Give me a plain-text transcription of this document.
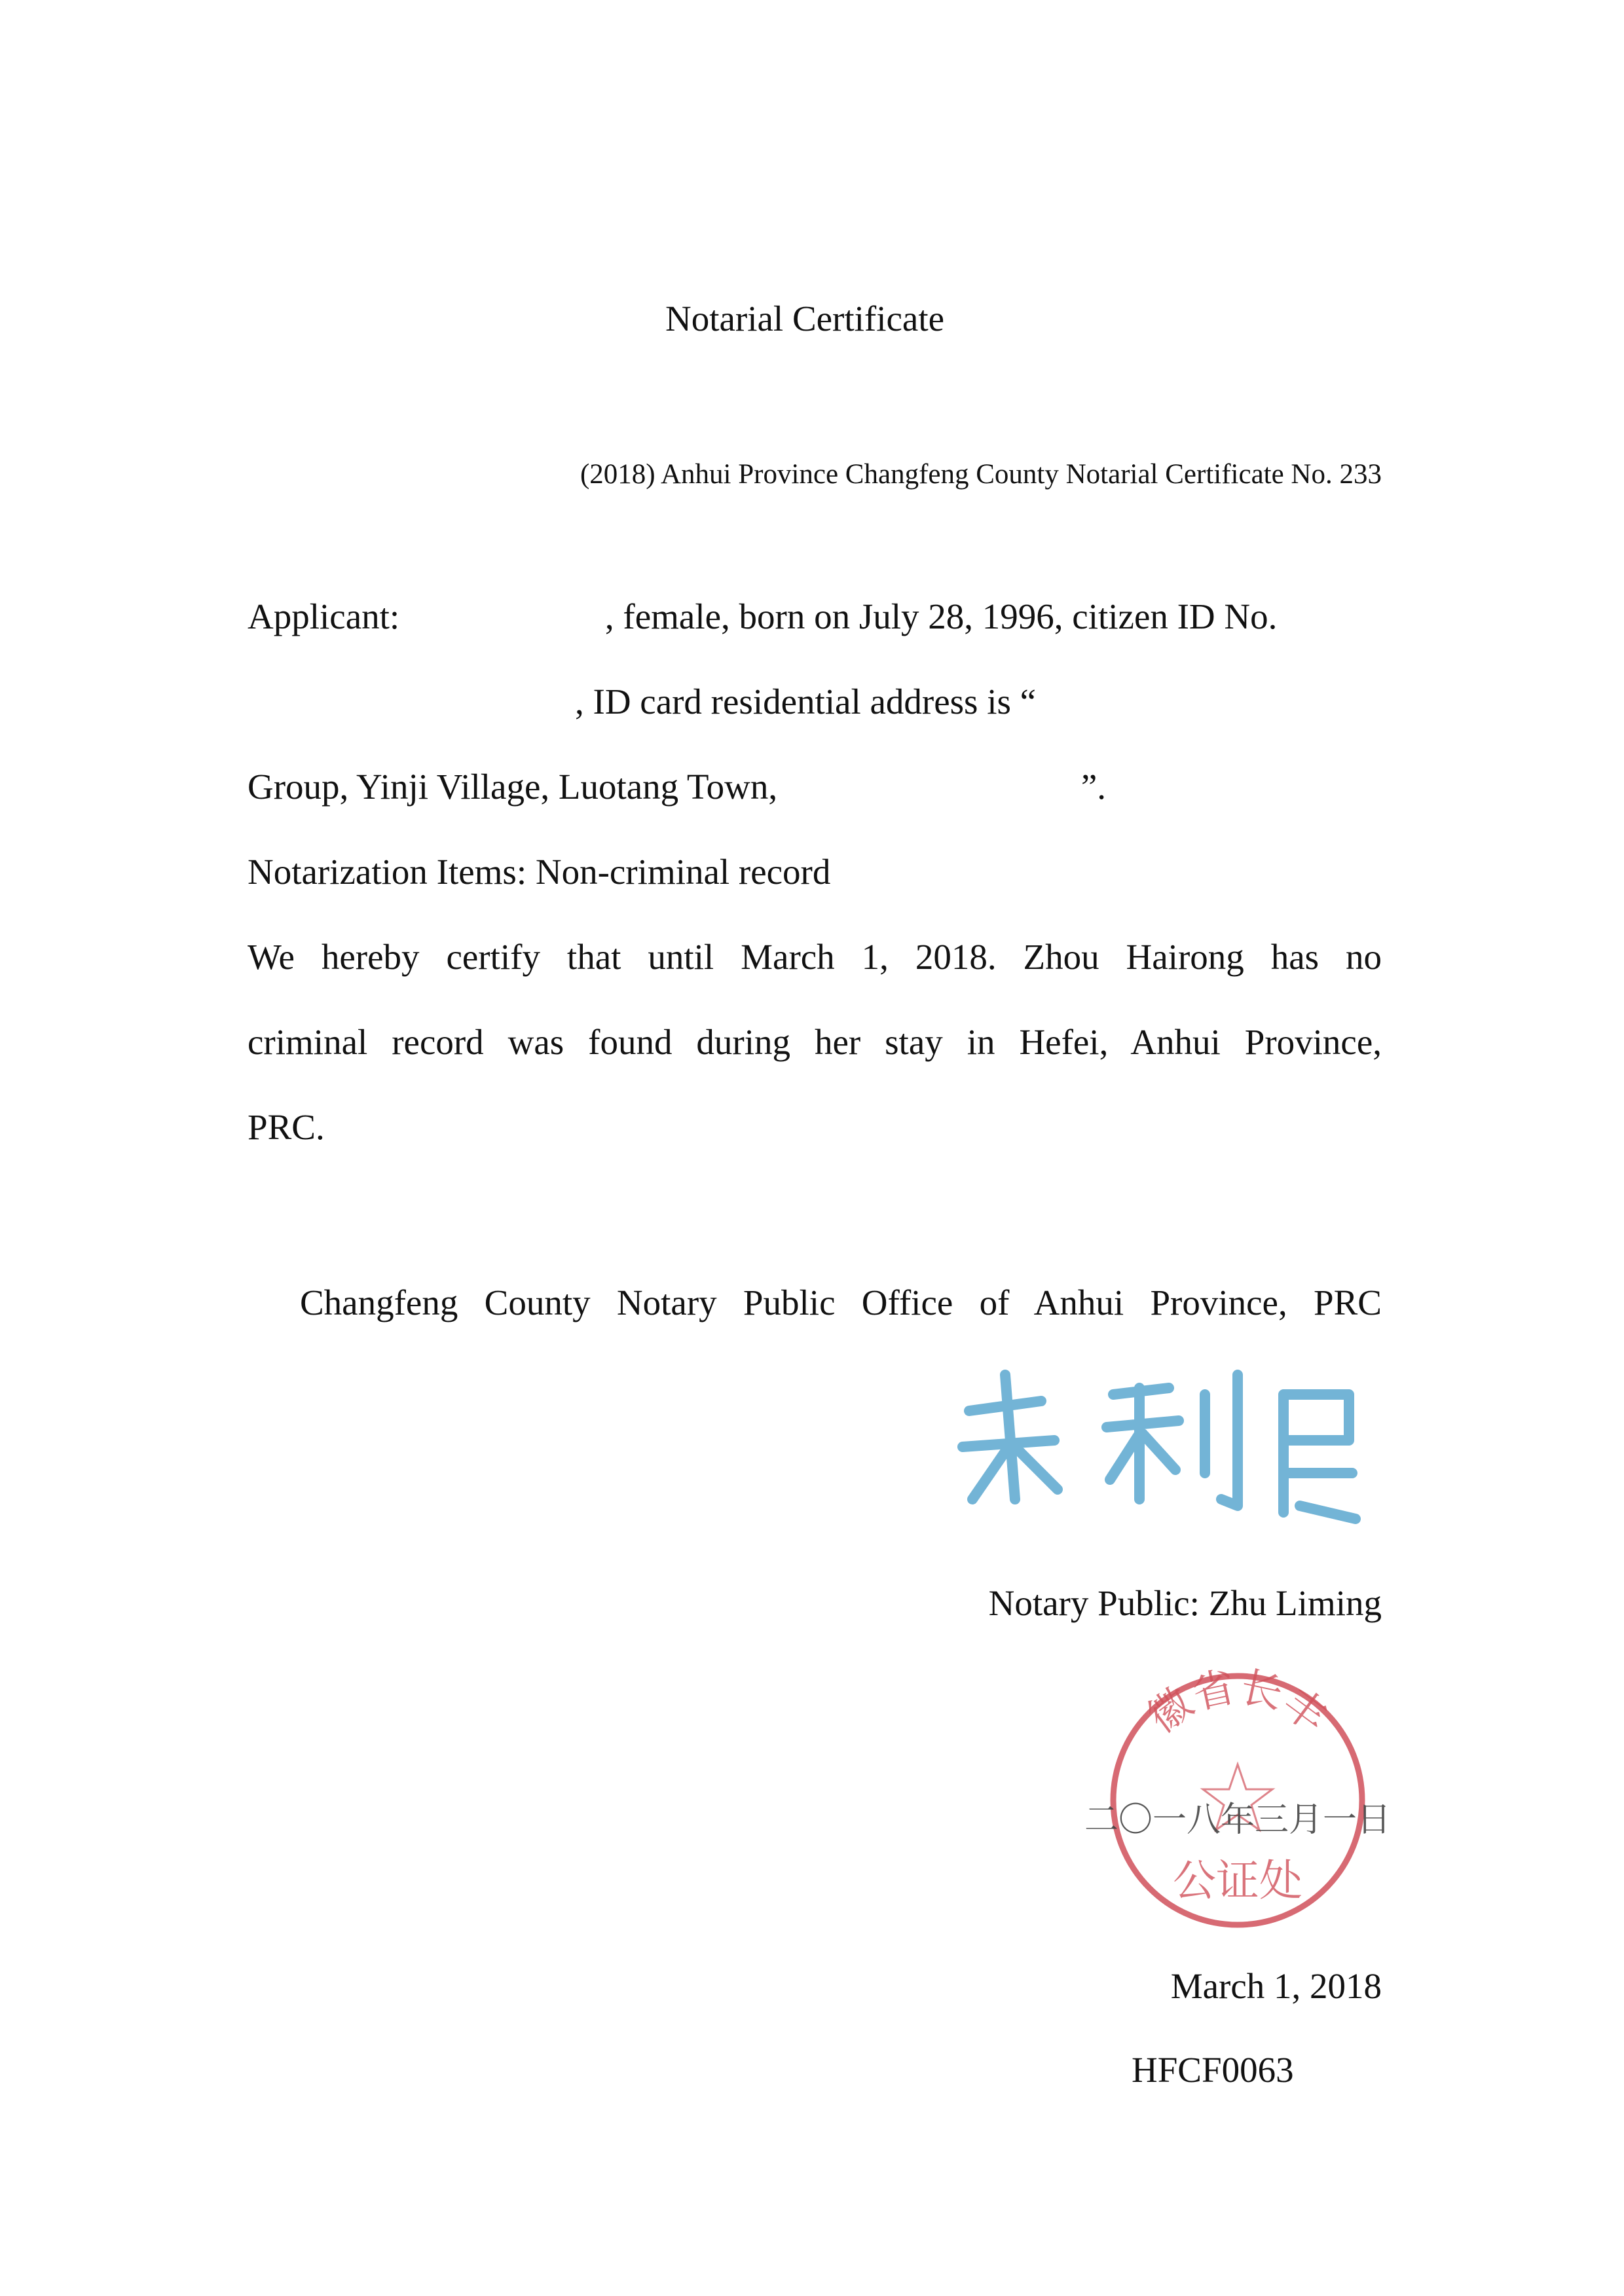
Notarial Certificate
(2018) Anhui Province Changfeng County Notarial Certificate No. 233
Applicant:	, female, born on July 28, 1996, citizen ID No.
, ID card residential address is “
Group, Yinji Village, Luotang Town,	”.
Notarization Items: Non-criminal record
We hereby certify that until March 1, 2018. Zhou Hairong has no
criminal record was found during her stay in Hefei, Anhui Province,
PRC.
Changfeng County Notary Public Office of Anhui Province, PRC
朱利民
Notary Public: Zhu Liming
徽省长丰
公证处
二〇一八年三月一日
March 1, 2018
HFCF0063
